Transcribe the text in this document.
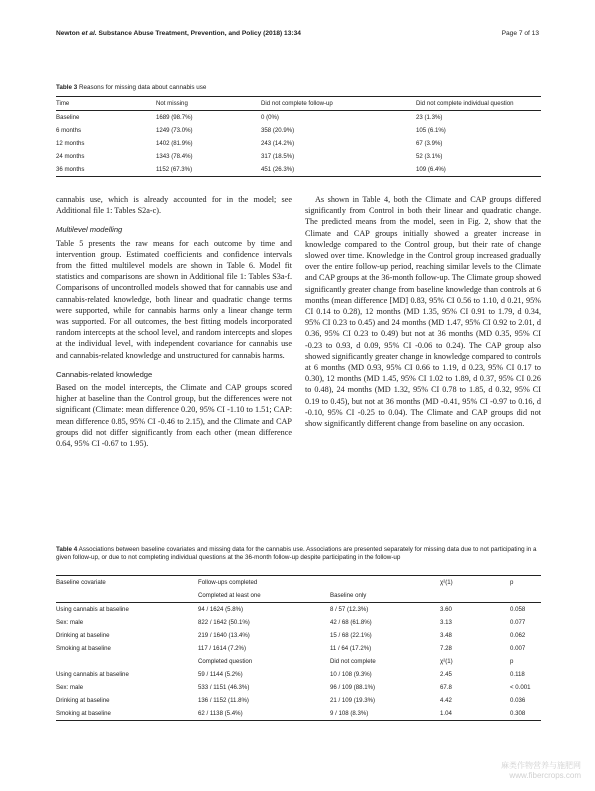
Newton et al. Substance Abuse Treatment, Prevention, and Policy (2018) 13:34	Page 7 of 13
Table 3 Reasons for missing data about cannabis use
Time	Not missing	Did not complete follow-up	Did not complete individual question
Baseline	1689 (98.7%)	0 (0%)	23 (1.3%)
6 months	1249 (73.0%)	358 (20.9%)	105 (6.1%)
12 months	1402 (81.9%)	243 (14.2%)	67 (3.9%)
24 months	1343 (78.4%)	317 (18.5%)	52 (3.1%)
36 months	1152 (67.3%)	451 (26.3%)	109 (6.4%)

cannabis use, which is already accounted for in the model; see Additional file 1: Tables S2a-c).

Multilevel modelling

Table 5 presents the raw means for each outcome by time and intervention group. Estimated coefficients and confidence intervals from the fitted multilevel models are shown in Table 6. Model fit statistics and comparisons are shown in Additional file 1: Tables S3a-f. Comparisons of uncontrolled models showed that for cannabis use and cannabis-related knowledge, both linear and quadratic change terms were supported, while for cannabis harms only a linear change term was supported. For all outcomes, the best fitting models incorporated random intercepts at the school level, and random intercepts and slopes at the individual level, with independent covariance for cannabis use and cannabis-related knowledge and unstructured for cannabis harms.

Cannabis-related knowledge

Based on the model intercepts, the Climate and CAP groups scored higher at baseline than the Control group, but the differences were not significant (Climate: mean difference 0.20, 95% CI -1.10 to 1.51; CAP: mean difference 0.85, 95% CI -0.46 to 2.15), and the Climate and CAP groups did not differ significantly from each other (mean difference 0.64, 95% CI -0.67 to 1.95).

As shown in Table 4, both the Climate and CAP groups differed significantly from Control in both their linear and quadratic change. The predicted means from the model, seen in Fig. 2, show that the Climate and CAP groups initially showed a greater increase in knowledge compared to the Control group, but their rate of change slowed over time. Knowledge in the Control group increased gradually over the entire follow-up period, reaching similar levels to the Climate and CAP groups at the 36-month follow-up. The Climate group showed significantly greater change from baseline knowledge than controls at 6 months (mean difference [MD] 0.83, 95% CI 0.56 to 1.10, d 0.21, 95% CI 0.14 to 0.28), 12 months (MD 1.35, 95% CI 0.91 to 1.79, d 0.34, 95% CI 0.23 to 0.45) and 24 months (MD 1.47, 95% CI 0.92 to 2.01, d 0.36, 95% CI 0.23 to 0.49) but not at 36 months (MD 0.35, 95% CI -0.23 to 0.93, d 0.09, 95% CI -0.06 to 0.24). The CAP group also showed significantly greater change in knowledge compared to controls at 6 months (MD 0.93, 95% CI 0.66 to 1.19, d 0.23, 95% CI 0.17 to 0.30), 12 months (MD 1.45, 95% CI 1.02 to 1.89, d 0.37, 95% CI 0.26 to 0.48), 24 months (MD 1.32, 95% CI 0.78 to 1.85, d 0.32, 95% CI 0.19 to 0.45), but not at 36 months (MD -0.41, 95% CI -0.97 to 0.16, d -0.10, 95% CI -0.25 to 0.04). The Climate and CAP groups did not show significantly different change from baseline on any occasion.

Table 4 Associations between baseline covariates and missing data for the cannabis use. Associations are presented separately for missing data due to not participating in a given follow-up, or due to not completing individual questions at the 36-month follow-up despite participating in the follow-up
Baseline covariate	Follow-ups completed		χ²(1)	p
	Completed at least one	Baseline only		
Using cannabis at baseline	94 / 1624 (5.8%)	8 / 57 (12.3%)	3.60	0.058
Sex: male	822 / 1642 (50.1%)	42 / 68 (61.8%)	3.13	0.077
Drinking at baseline	219 / 1640 (13.4%)	15 / 68 (22.1%)	3.48	0.062
Smoking at baseline	117 / 1614 (7.2%)	11 / 64 (17.2%)	7.28	0.007
	Completed question	Did not complete	χ²(1)	p
Using cannabis at baseline	59 / 1144 (5.2%)	10 / 108 (9.3%)	2.45	0.118
Sex: male	533 / 1151 (46.3%)	96 / 109 (88.1%)	67.8	< 0.001
Drinking at baseline	136 / 1152 (11.8%)	21 / 109 (19.3%)	4.42	0.036
Smoking at baseline	62 / 1138 (5.4%)	9 / 108 (8.3%)	1.04	0.308
麻类作物营养与施肥网
www.fibercrops.com
